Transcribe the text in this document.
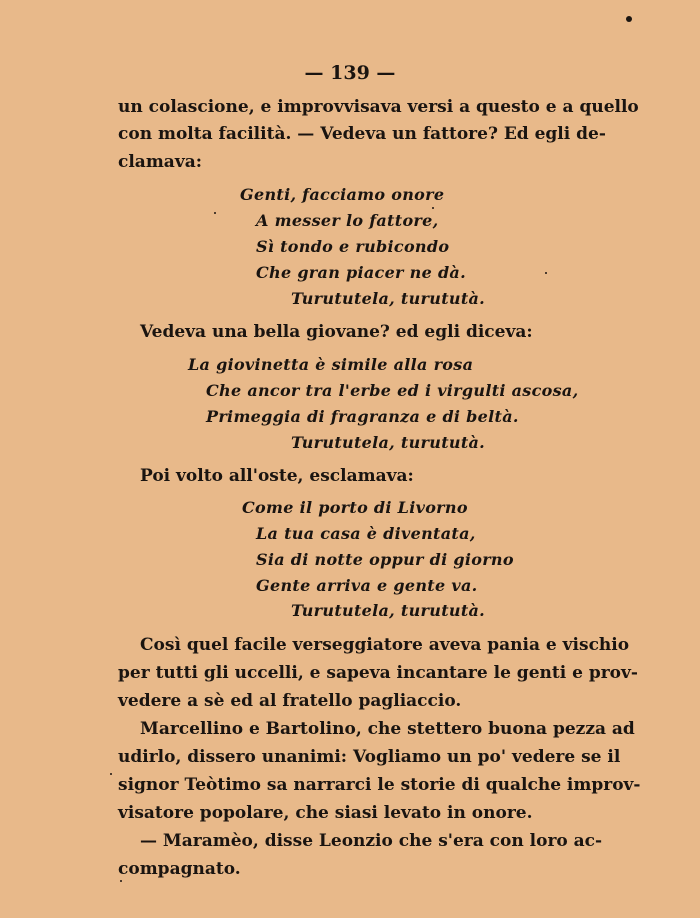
— 139 —
un colascione, e improvvisava versi a questo e a quello
con molta facilità. — Vedeva un fattore? Ed egli de-
clamava:
Genti, facciamo onore
A messer lo fattore,
Sì tondo e rubicondo
Che gran piacer ne dà.
Turututela, turututà.
Vedeva una bella giovane? ed egli diceva:
La giovinetta è simile alla rosa
Che ancor tra l'erbe ed i virgulti ascosa,
Primeggia di fragranza e di beltà.
Turututela, turututà.
Poi volto all'oste, esclamava:
Come il porto di Livorno
La tua casa è diventata,
Sia di notte oppur di giorno
Gente arriva e gente va.
Turututela, turututà.
Così quel facile verseggiatore aveva pania e vischio
per tutti gli uccelli, e sapeva incantare le genti e prov-
vedere a sè ed al fratello pagliaccio.
Marcellino e Bartolino, che stettero buona pezza ad
udirlo, dissero unanimi: Vogliamo un po' vedere se il
signor Teòtimo sa narrarci le storie di qualche improv-
visatore popolare, che siasi levato in onore.
— Maramèo, disse Leonzio che s'era con loro ac-
compagnato.
